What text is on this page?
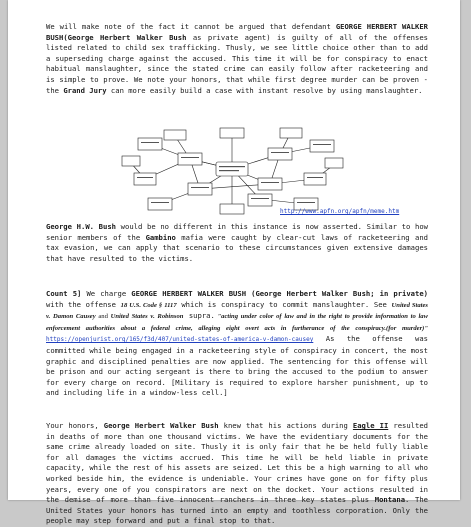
We will make note of the fact it cannot be argued that defendant GEORGE HERBERT WALKER BUSH(George Herbert Walker Bush as private agent) is guilty of all of the offenses listed related to child sex trafficking. Thusly, we see little choice other than to add a superseding charge against the accused. This time it will be for conspiracy to enact habitual manslaughter, since the stated crime can easily follow after racketeering and is simple to prove. We note your honors, that while first degree murder can be proven - the Grand Jury can more easily build a case with instant resolve by using manslaughter.

http://www.apfn.org/apfn/meme.htm

George H.W. Bush would be no different in this instance is now asserted. Similar to how senior members of the Gambino mafia were caught by clear-cut laws of racketeering and tax evasion, we can apply that scenario to these circumstances given extensive damages that have resulted to the victims.

Count 5] We charge GEORGE HERBERT WALKER BUSH (George Herbert Walker Bush; in private) with the offense 18 U.S. Code § 1117 which is conspiracy to commit manslaughter. See United States v. Damon Causey and United States v. Robinson supra. "acting under color of law and in the right to provide information to law enforcement authorities about a federal crime, alleging eight overt acts in furtherance of the conspiracy.(for murder)" https://openjurist.org/165/f3d/407/united-states-of-america-v-damon-causey As the offense was committed while being engaged in a racketeering style of conspiracy in concert, the most graphic and disciplined penalties are now applied. The sentencing for this offense will be prison and our acting sergeant is there to bring the accused to the podium to answer for every charge on record. [Military is required to explore harsher punishment, up to and including life in a window-less cell.]

Your honors, George Herbert Walker Bush knew that his actions during Eagle II resulted in deaths of more than one thousand victims. We have the evidentiary documents for the same crime already loaded on site. Thusly it is only fair that he be held fully liable for all damages the victims accrued. This time he will be held liable in private capacity, while the rest of his assets are seized. Let this be a high warning to all who worked beside him, the evidence is undeniable. Your crimes have gone on for fifty plus years, every one of you conspirators are next on the docket. Your actions resulted in the demise of more than five innocent ranchers in three key states plus Montana. The United States your honors has turned into an empty and toothless corporation. Only the people may step forward and put a final stop to that.
